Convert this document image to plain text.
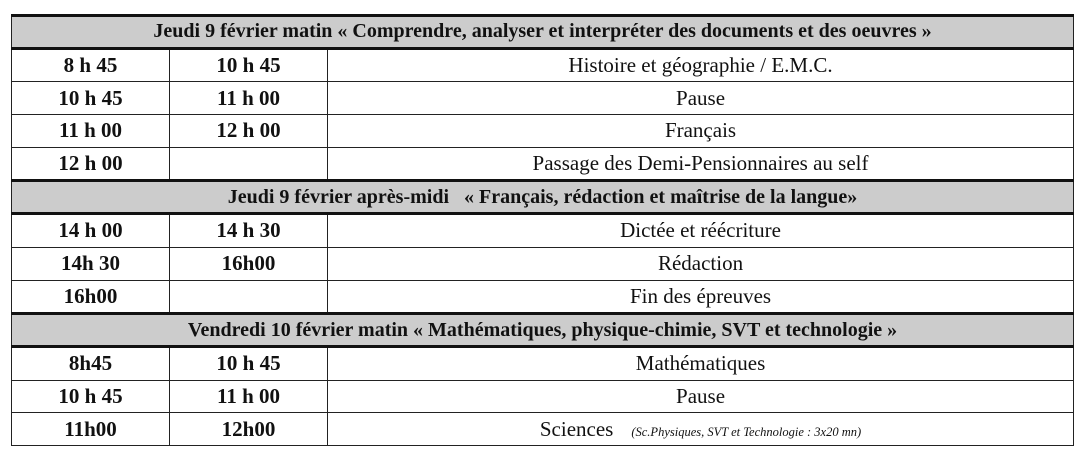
Jeudi 9 février matin « Comprendre, analyser et interpréter des documents et des oeuvres »		
8 h 45	10 h 45	Histoire et géographie / E.M.C.
10 h 45	11 h 00	Pause
11 h 00	12 h 00	Français
12 h 00		Passage des Demi-Pensionnaires au self
Jeudi 9 février après-midi   « Français, rédaction et maîtrise de la langue»		
14 h 00	14 h 30	Dictée et réécriture
14h 30	16h00	Rédaction
16h00		Fin des épreuves
Vendredi 10 février matin « Mathématiques, physique-chimie, SVT et technologie »		
8h45	10 h 45	Mathématiques
10 h 45	11 h 00	Pause
11h00	12h00	Sciences (Sc.Physiques, SVT et Technologie : 3x20 mn)
